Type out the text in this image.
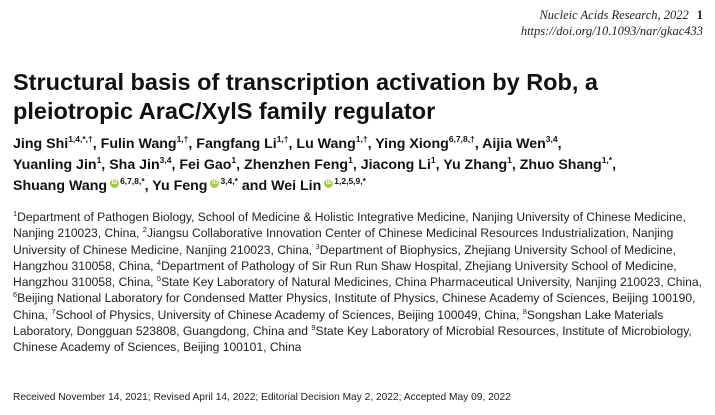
Nucleic Acids Research, 2022 1
https://doi.org/10.1093/nar/gkac433
Structural basis of transcription activation by Rob, a pleiotropic AraC/XylS family regulator
Jing Shi$^{1,4,*,\dagger}$, Fulin Wang$^{1,\dagger}$, Fangfang $Li^{1,\dagger}$, Lu Wang$^{1,\dagger}$, Ying Xiong$^{6,7,8,\dagger}$, Aijia Wen$^{3,4}$,
Yuanling Jin$^1$, Sha Jin$^{3,4}$, Fei Gao$^1$, Zhenzhen Feng$^1$, Jiacong Li$^1$, Yu Zhang$^1$, Zhuo Shang$^{1,*}$,
Shuang Wang iD $^{6,7,8,*}$, Yu Feng iD $^{3,4,*}$ and Wei Lin iD $^{1,2,5,9,*}$
$^1$Department of Pathogen Biology, School of Medicine & Holistic Integrative Medicine, Nanjing University of Chinese Medicine, Nanjing 210023, China, $^2$Jiangsu Collaborative Innovation Center of Chinese Medicinal Resources Industrialization, Nanjing University of Chinese Medicine, Nanjing 210023, China, $^3$Department of Biophysics, Zhejiang University School of Medicine, Hangzhou 310058, China, $^4$Department of Pathology of Sir Run Run Shaw Hospital, Zhejiang University School of Medicine, Hangzhou 310058, China, $^5$State Key Laboratory of Natural Medicines, China Pharmaceutical University, Nanjing 210023, China, $^6$Beijing National Laboratory for Condensed Matter Physics, Institute of Physics, Chinese Academy of Sciences, Beijing 100190, China, $^7$School of Physics, University of Chinese Academy of Sciences, Beijing 100049, China, $^8$Songshan Lake Materials Laboratory, Dongguan 523808, Guangdong, China and $^9$State Key Laboratory of Microbial Resources, Institute of Microbiology, Chinese Academy of Sciences, Beijing 100101, China
Received November 14, 2021; Revised April 14, 2022; Editorial Decision May 2, 2022; Accepted May 09, 2022
